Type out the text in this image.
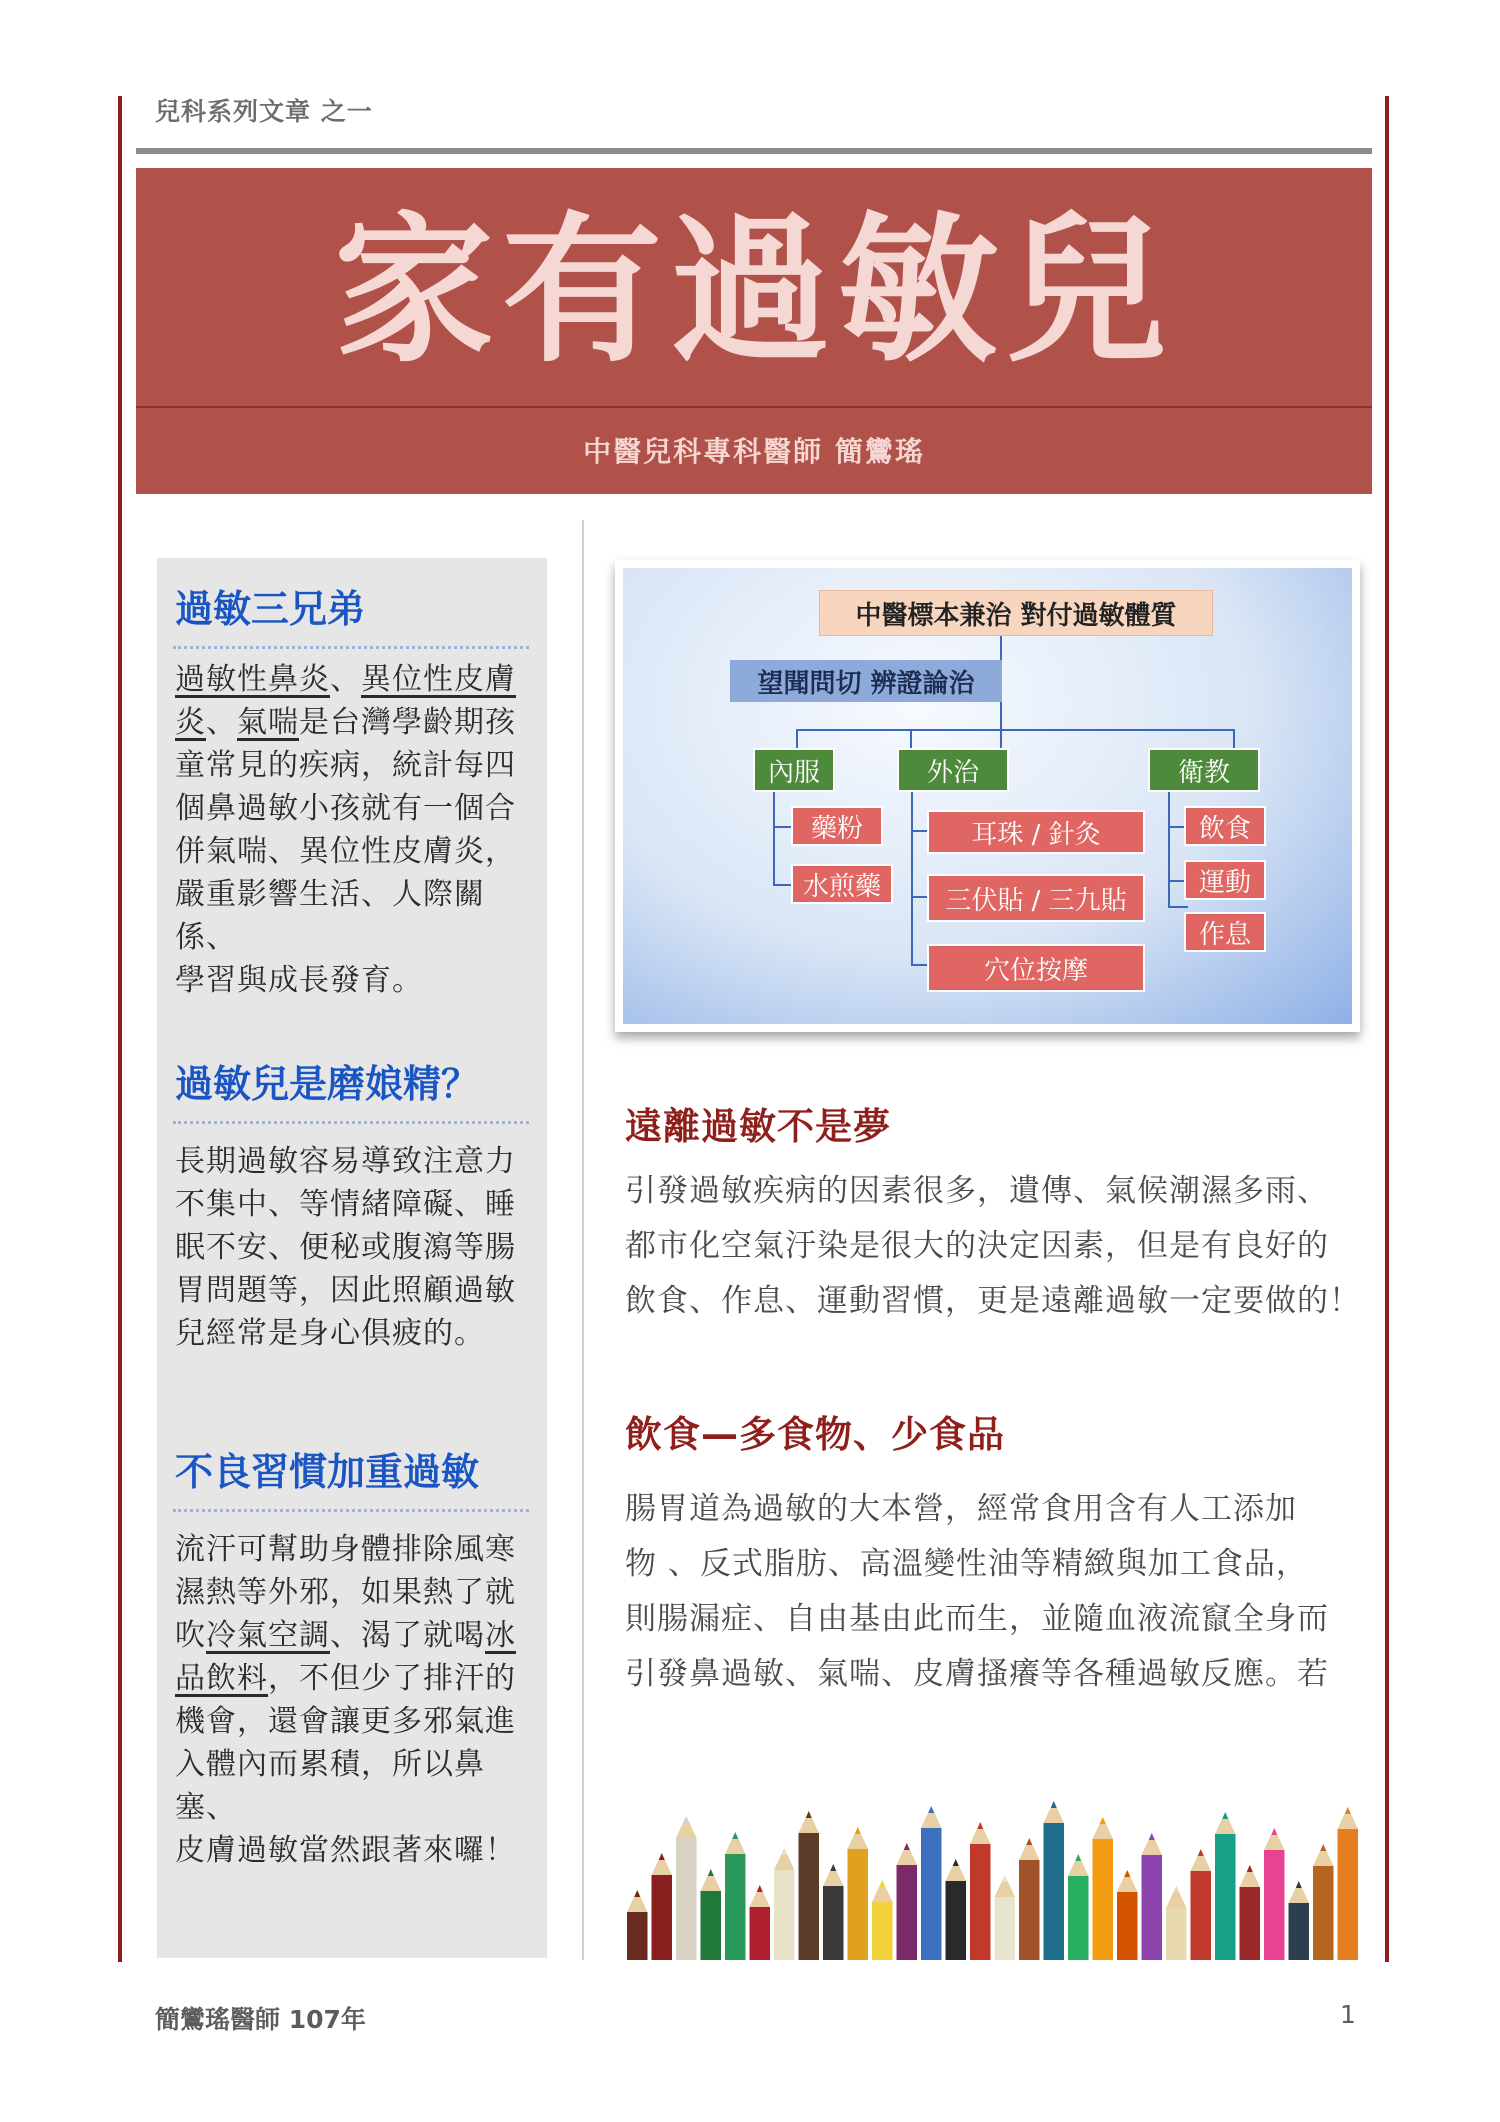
兒科系列文章 之一
家有過敏兒
中醫兒科專科醫師 簡鸞瑤
過敏三兄弟
過敏性鼻炎、異位性皮膚
炎、氣喘是台灣學齡期孩
童常見的疾病，統計每四
個鼻過敏小孩就有一個合
併氣喘、異位性皮膚炎，
嚴重影響生活、人際關係、
學習與成長發育。
過敏兒是磨娘精？
長期過敏容易導致注意力
不集中、等情緒障礙、睡
眠不安、便秘或腹瀉等腸
胃問題等，因此照顧過敏
兒經常是身心俱疲的。
不良習慣加重過敏
流汗可幫助身體排除風寒
濕熱等外邪，如果熱了就
吹冷氣空調、渴了就喝冰
品飲料，不但少了排汗的
機會，還會讓更多邪氣進
入體內而累積，所以鼻塞、
皮膚過敏當然跟著來囉！
中醫標本兼治 對付過敏體質
望聞問切 辨證論治
內服	外治	衛教
藥粉
水煎藥
耳珠 / 針灸
三伏貼 / 三九貼
穴位按摩
飲食
運動
作息
遠離過敏不是夢
引發過敏疾病的因素很多，遺傳、氣候潮濕多雨、
都市化空氣汙染是很大的決定因素，但是有良好的
飲食、作息、運動習慣，更是遠離過敏一定要做的！
飲食—多食物、少食品
腸胃道為過敏的大本營，經常食用含有人工添加
物 、反式脂肪、高溫變性油等精緻與加工食品，
則腸漏症、自由基由此而生，並隨血液流竄全身而
引發鼻過敏、氣喘、皮膚搔癢等各種過敏反應。若
簡鸞瑤醫師 107年	1
